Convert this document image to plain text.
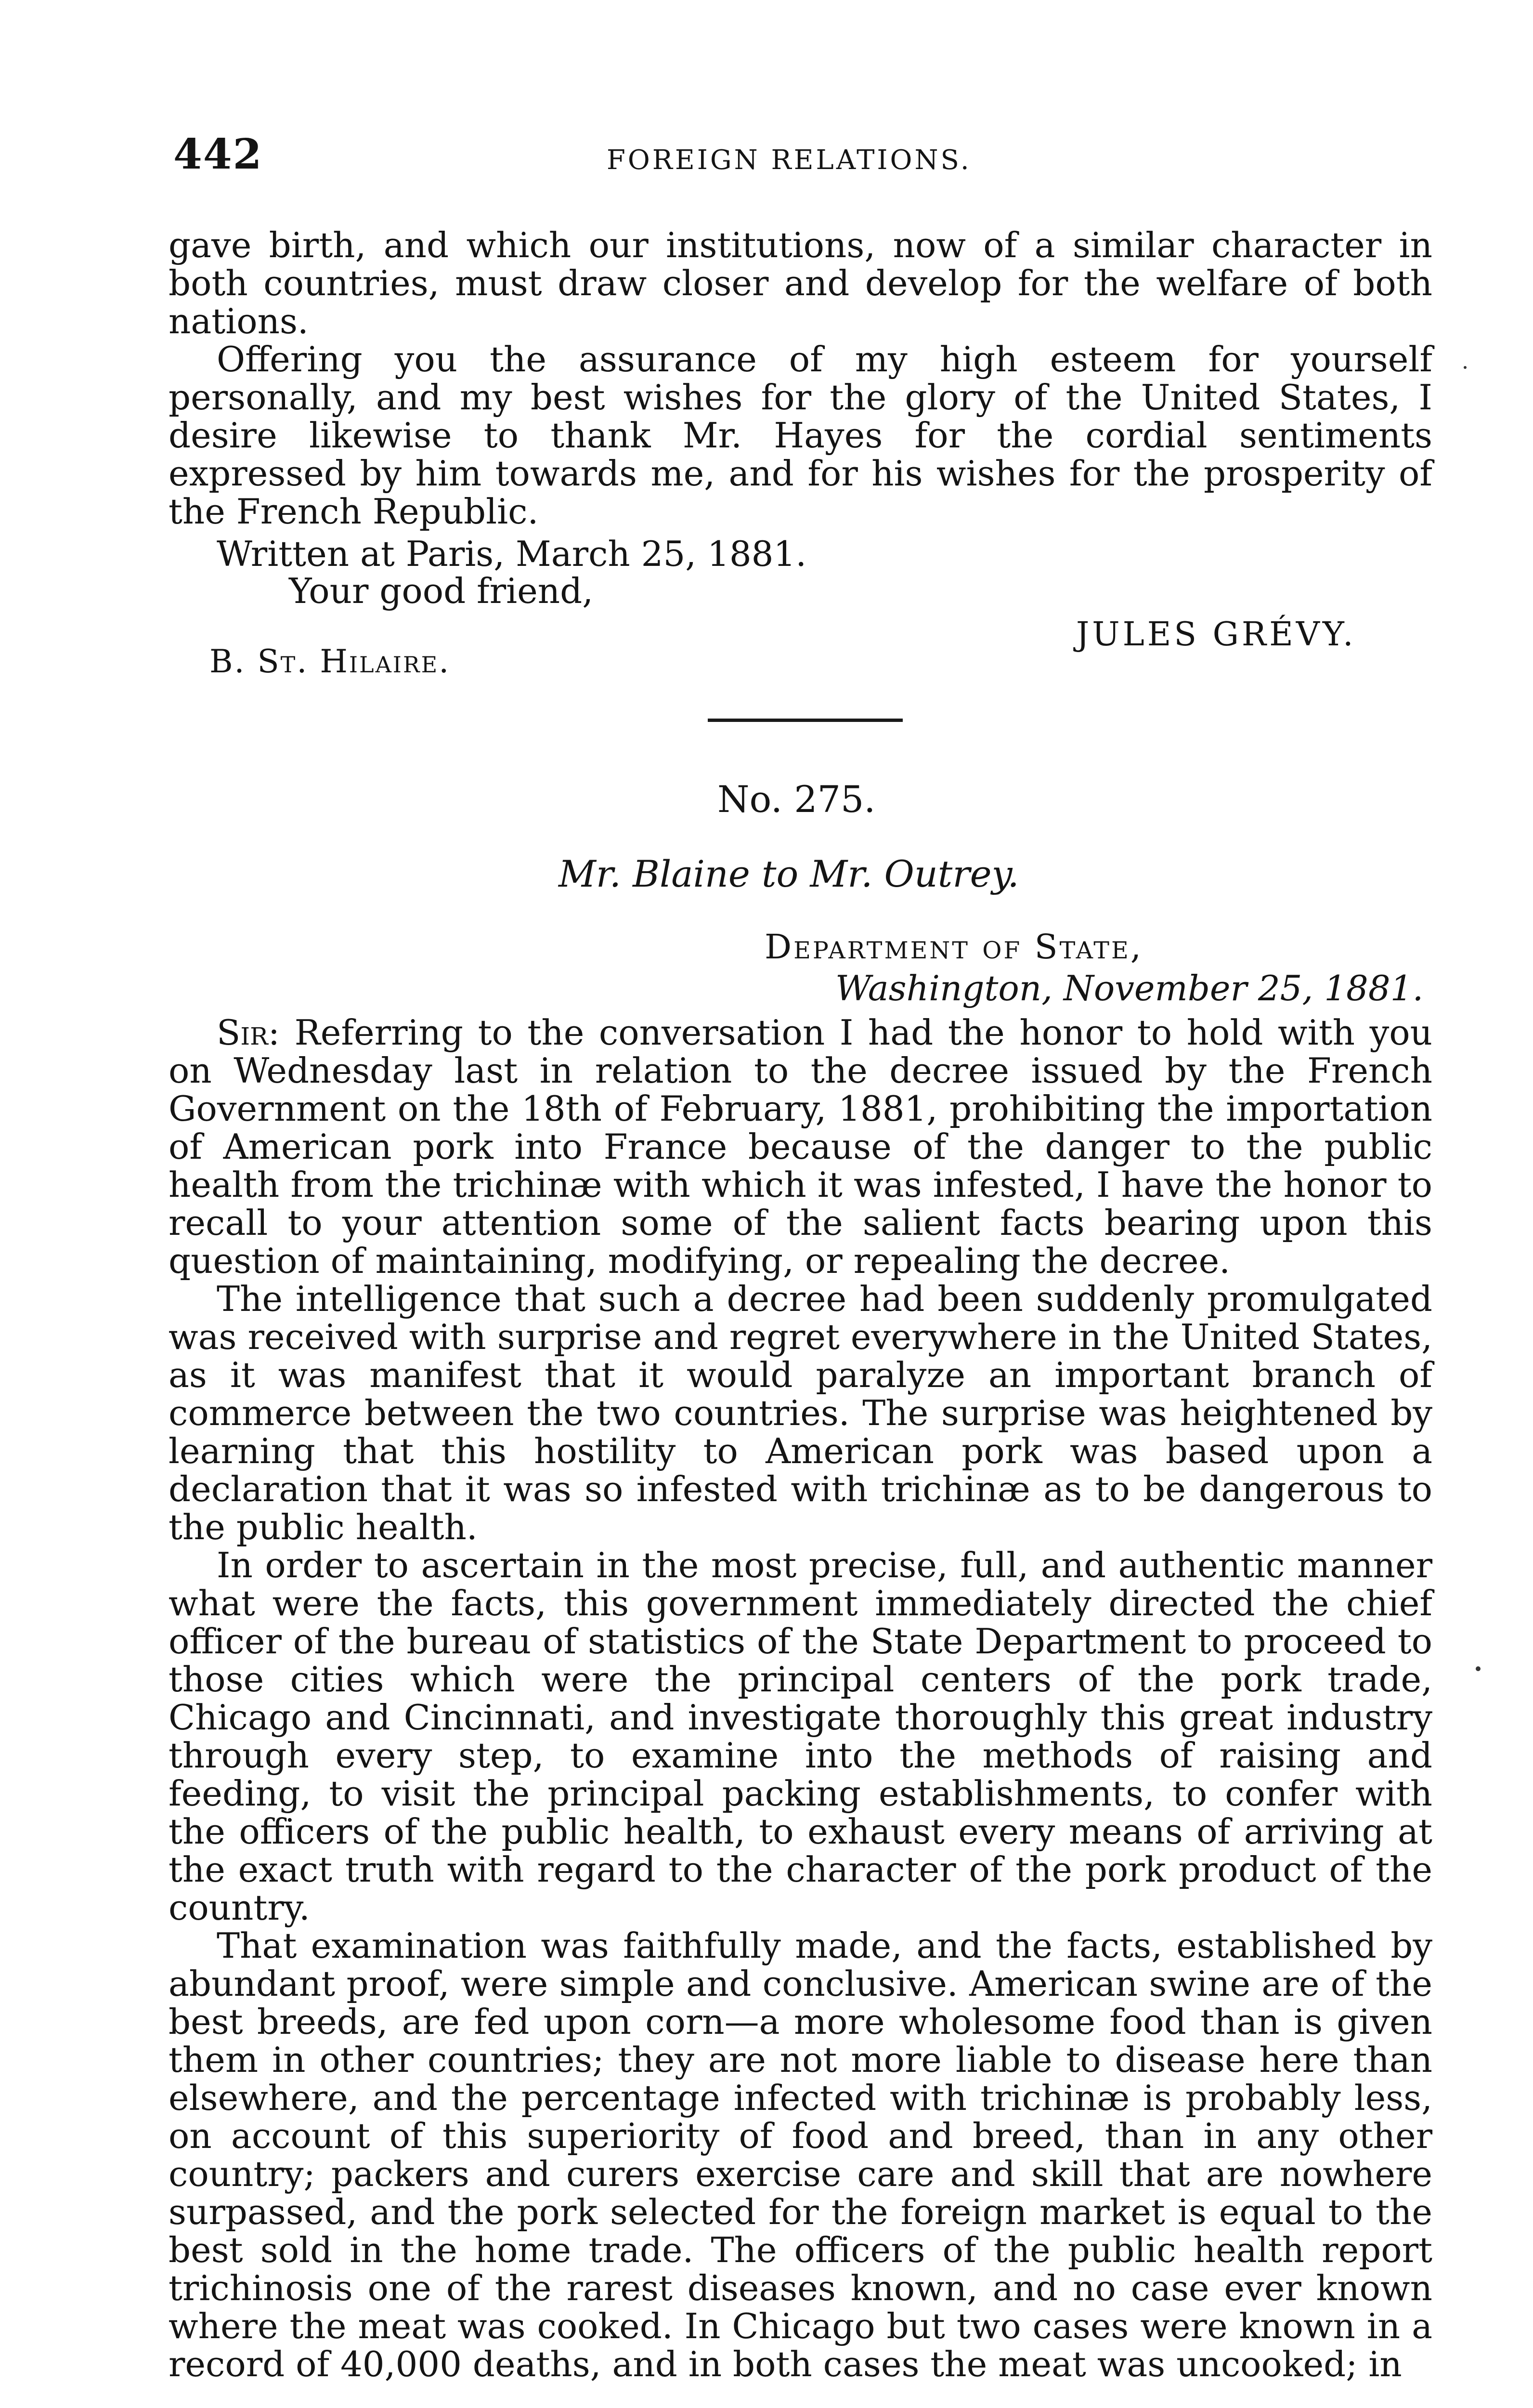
442	FOREIGN RELATIONS.

gave birth, and which our institutions, now of a similar character in both countries, must draw closer and develop for the welfare of both nations.

Offering you the assurance of my high esteem for yourself personally, and my best wishes for the glory of the United States, I desire likewise to thank Mr. Hayes for the cordial sentiments expressed by him towards me, and for his wishes for the prosperity of the French Republic.

Written at Paris, March 25, 1881.
Your good friend,
JULES GRÉVY.
B. St. Hilaire.
No. 275.
Mr. Blaine to Mr. Outrey.
Department of State,
Washington, November 25, 1881.

Sir: Referring to the conversation I had the honor to hold with you on Wednesday last in relation to the decree issued by the French Government on the 18th of February, 1881, prohibiting the importation of American pork into France because of the danger to the public health from the trichinæ with which it was infested, I have the honor to recall to your attention some of the salient facts bearing upon this question of maintaining, modifying, or repealing the decree.

The intelligence that such a decree had been suddenly promulgated was received with surprise and regret everywhere in the United States, as it was manifest that it would paralyze an important branch of commerce between the two countries. The surprise was heightened by learning that this hostility to American pork was based upon a declaration that it was so infested with trichinæ as to be dangerous to the public health.

In order to ascertain in the most precise, full, and authentic manner what were the facts, this government immediately directed the chief officer of the bureau of statistics of the State Department to proceed to those cities which were the principal centers of the pork trade, Chicago and Cincinnati, and investigate thoroughly this great industry through every step, to examine into the methods of raising and feeding, to visit the principal packing establishments, to confer with the officers of the public health, to exhaust every means of arriving at the exact truth with regard to the character of the pork product of the country.

That examination was faithfully made, and the facts, established by abundant proof, were simple and conclusive. American swine are of the best breeds, are fed upon corn—a more wholesome food than is given them in other countries; they are not more liable to disease here than elsewhere, and the percentage infected with trichinæ is probably less, on account of this superiority of food and breed, than in any other country; packers and curers exercise care and skill that are nowhere surpassed, and the pork selected for the foreign market is equal to the best sold in the home trade. The officers of the public health report trichinosis one of the rarest diseases known, and no case ever known where the meat was cooked. In Chicago but two cases were known in a record of 40,000 deaths, and in both cases the meat was uncooked; in
